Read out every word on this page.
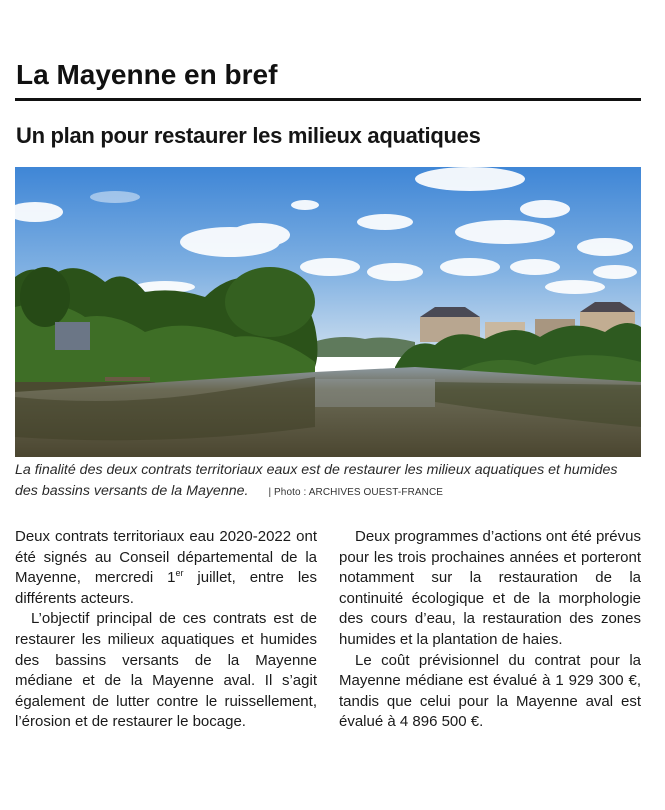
La Mayenne en bref
Un plan pour restaurer les milieux aquatiques

La finalité des deux contrats territoriaux eaux est de restaurer les milieux aquatiques et humides des bassins versants de la Mayenne. | Photo : ARCHIVES OUEST-FRANCE

Deux contrats territoriaux eau 2020-2022 ont été signés au Conseil départemental de la Mayenne, mercredi 1er juillet, entre les différents acteurs.

L’objectif principal de ces contrats est de restaurer les milieux aquatiques et humides des bassins versants de la Mayenne médiane et de la Mayenne aval. Il s’agit également de lutter contre le ruissellement, l’érosion et de restaurer le bocage.

Deux programmes d’actions ont été prévus pour les trois prochaines années et porteront notamment sur la restauration de la continuité écologique et de la morphologie des cours d’eau, la restauration des zones humides et la plantation de haies.

Le coût prévisionnel du contrat pour la Mayenne médiane est évalué à 1 929 300 €, tandis que celui pour la Mayenne aval est évalué à 4 896 500 €.
